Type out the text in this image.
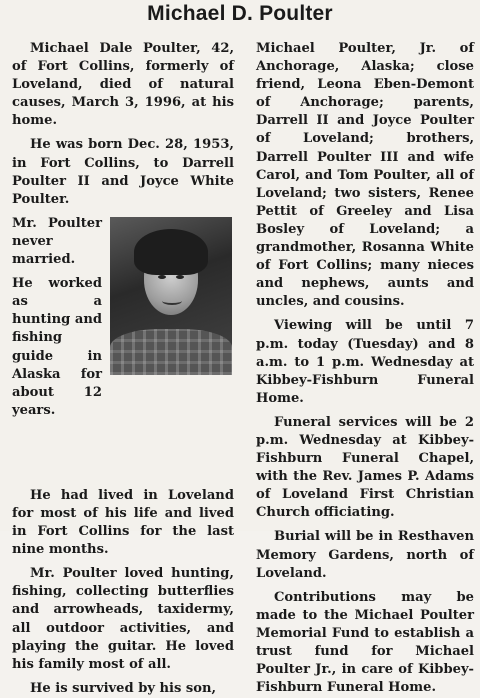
Michael D. Poulter

Michael Dale Poulter, 42, of Fort Collins, formerly of Loveland, died of natural causes, March 3, 1996, at his home.

He was born Dec. 28, 1953, in Fort Collins, to Darrell Poulter II and Joyce White Poulter.

Mr. Poulter never married.

He worked as a hunting and fishing guide in Alaska for about 12 years.

He had lived in Loveland for most of his life and lived in Fort Collins for the last nine months.

Mr. Poulter loved hunting, fishing, collecting butterflies and arrowheads, taxidermy, all outdoor activities, and playing the guitar. He loved his family most of all.

He is survived by his son,

Michael Poulter, Jr. of Anchorage, Alaska; close friend, Leona Eben-Demont of Anchorage; parents, Darrell II and Joyce Poulter of Loveland; brothers, Darrell Poulter III and wife Carol, and Tom Poulter, all of Loveland; two sisters, Renee Pettit of Greeley and Lisa Bosley of Loveland; a grandmother, Rosanna White of Fort Collins; many nieces and nephews, aunts and uncles, and cousins.

Viewing will be until 7 p.m. today (Tuesday) and 8 a.m. to 1 p.m. Wednesday at Kibbey-Fishburn Funeral Home.

Funeral services will be 2 p.m. Wednesday at Kibbey-Fishburn Funeral Chapel, with the Rev. James P. Adams of Loveland First Christian Church officiating.

Burial will be in Resthaven Memory Gardens, north of Loveland.

Contributions may be made to the Michael Poulter Memorial Fund to establish a trust fund for Michael Poulter Jr., in care of Kibbey-Fishburn Funeral Home.
